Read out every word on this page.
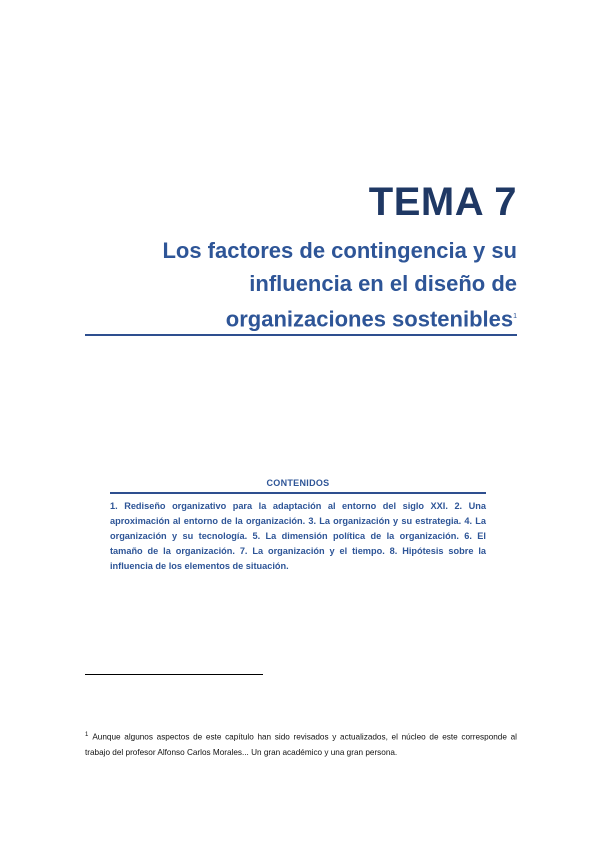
TEMA 7
Los factores de contingencia y su
influencia en el diseño de
organizaciones sostenibles$^1$
CONTENIDOS
1. Rediseño organizativo para la adaptación al entorno del siglo XXI. 2. Una aproximación al entorno de la organización. 3. La organización y su estrategia. 4. La organización y su tecnología. 5. La dimensión política de la organización. 6. El tamaño de la organización. 7. La organización y el tiempo. 8. Hipótesis sobre la influencia de los elementos de situación.
$^1$ Aunque algunos aspectos de este capítulo han sido revisados y actualizados, el núcleo de este corresponde al trabajo del profesor Alfonso Carlos Morales... Un gran académico y una gran persona.
